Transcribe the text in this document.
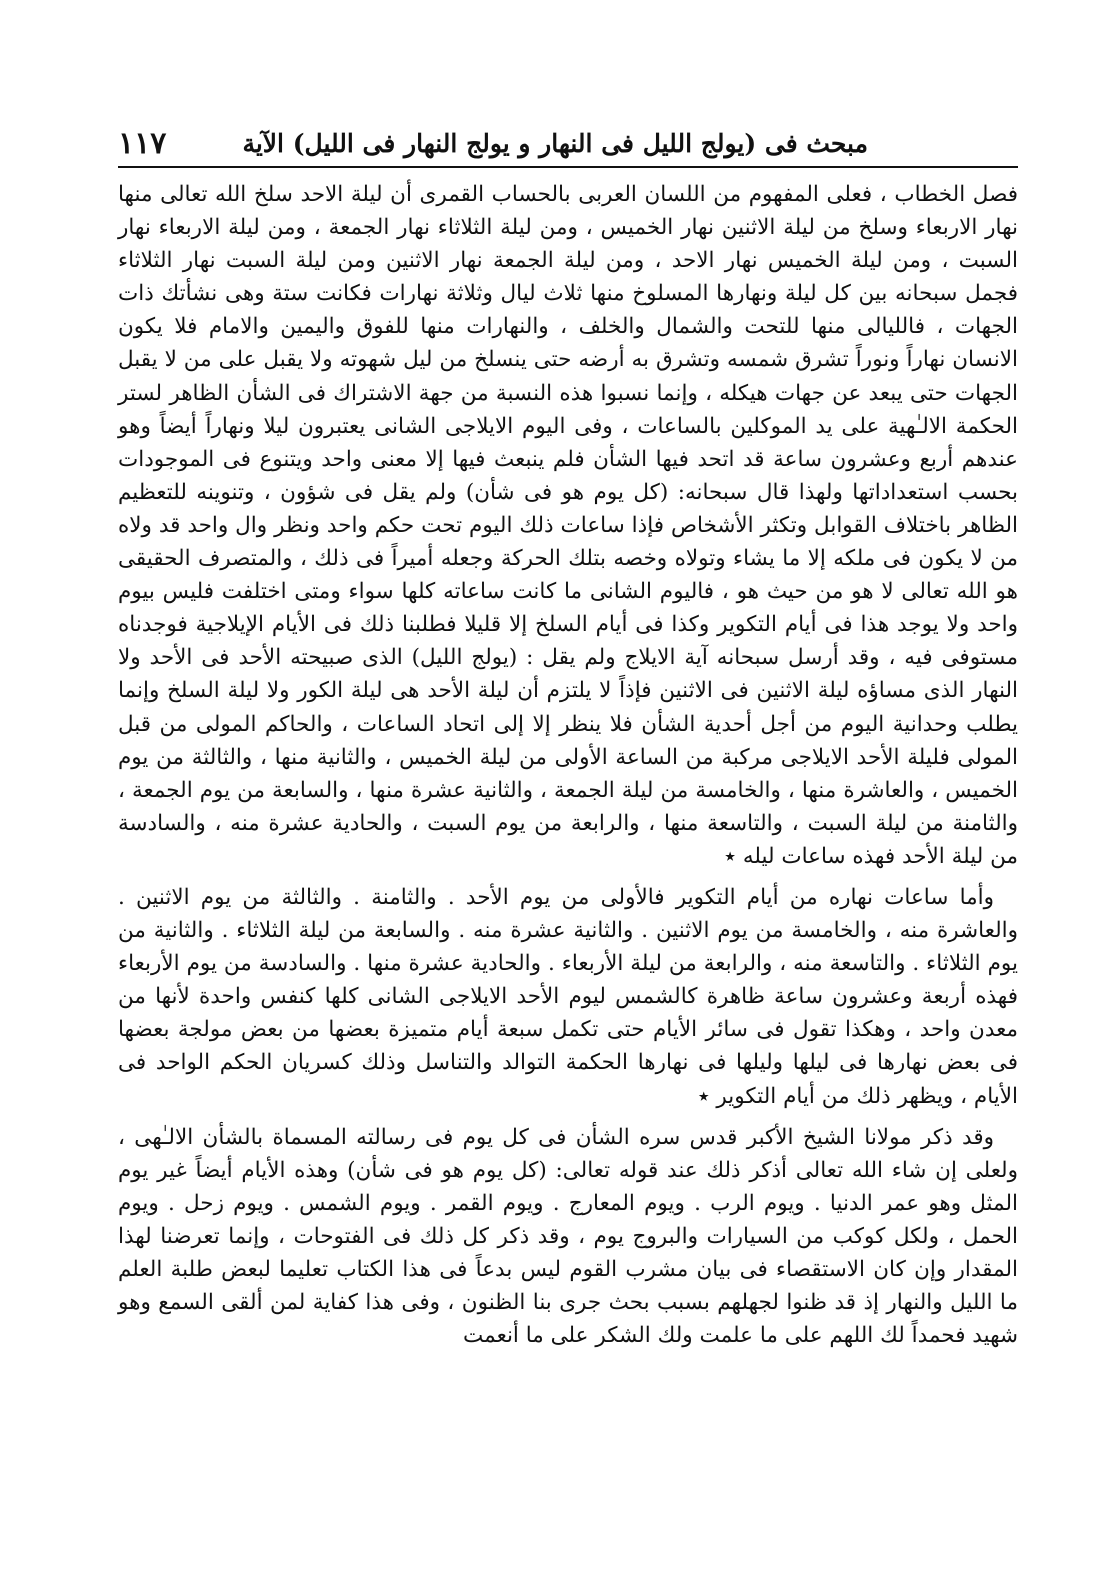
مبحث فى (يولج الليل فى النهار و يولج النهار فى الليل) الآية
١١٧

فصل الخطاب ، فعلى المفهوم من اللسان العربى بالحساب القمرى أن ليلة الاحد سلخ الله تعالى منها نهار الاربعاء وسلخ من ليلة الاثنين نهار الخميس ، ومن ليلة الثلاثاء نهار الجمعة ، ومن ليلة الاربعاء نهار السبت ، ومن ليلة الخميس نهار الاحد ، ومن ليلة الجمعة نهار الاثنين ومن ليلة السبت نهار الثلاثاء فجمل سبحانه بين كل ليلة ونهارها المسلوخ منها ثلاث ليال وثلاثة نهارات فكانت ستة وهى نشأتك ذات الجهات ، فالليالى منها للتحت والشمال والخلف ، والنهارات منها للفوق واليمين والامام فلا يكون الانسان نهاراً ونوراً تشرق شمسه وتشرق به أرضه حتى ينسلخ من ليل شهوته ولا يقبل على من لا يقبل الجهات حتى يبعد عن جهات هيكله ، وإنما نسبوا هذه النسبة من جهة الاشتراك فى الشأن الظاهر لستر الحكمة الالـٰهية على يد الموكلين بالساعات ، وفى اليوم الايلاجى الشانى يعتبرون ليلا ونهاراً أيضاً وهو عندهم أربع وعشرون ساعة قد اتحد فيها الشأن فلم ينبعث فيها إلا معنى واحد ويتنوع فى الموجودات بحسب استعداداتها ولهذا قال سبحانه: (كل يوم هو فى شأن) ولم يقل فى شؤون ، وتنوينه للتعظيم الظاهر باختلاف القوابل وتكثر الأشخاص فإذا ساعات ذلك اليوم تحت حكم واحد ونظر وال واحد قد ولاه من لا يكون فى ملكه إلا ما يشاء وتولاه وخصه بتلك الحركة وجعله أميراً فى ذلك ، والمتصرف الحقيقى هو الله تعالى لا هو من حيث هو ، فاليوم الشانى ما كانت ساعاته كلها سواء ومتى اختلفت فليس بيوم واحد ولا يوجد هذا فى أيام التكوير وكذا فى أيام السلخ إلا قليلا فطلبنا ذلك فى الأيام الإيلاجية فوجدناه مستوفى فيه ، وقد أرسل سبحانه آية الايلاج ولم يقل : (يولج الليل) الذى صبيحته الأحد فى الأحد ولا النهار الذى مساؤه ليلة الاثنين فى الاثنين فإذاً لا يلتزم أن ليلة الأحد هى ليلة الكور ولا ليلة السلخ وإنما يطلب وحدانية اليوم من أجل أحدية الشأن فلا ينظر إلا إلى اتحاد الساعات ، والحاكم المولى من قبل المولى فليلة الأحد الايلاجى مركبة من الساعة الأولى من ليلة الخميس ، والثانية منها ، والثالثة من يوم الخميس ، والعاشرة منها ، والخامسة من ليلة الجمعة ، والثانية عشرة منها ، والسابعة من يوم الجمعة ، والثامنة من ليلة السبت ، والتاسعة منها ، والرابعة من يوم السبت ، والحادية عشرة منه ، والسادسة من ليلة الأحد فهذه ساعات ليله ٭

وأما ساعات نهاره من أيام التكوير فالأولى من يوم الأحد . والثامنة . والثالثة من يوم الاثنين . والعاشرة منه ، والخامسة من يوم الاثنين . والثانية عشرة منه . والسابعة من ليلة الثلاثاء . والثانية من يوم الثلاثاء . والتاسعة منه ، والرابعة من ليلة الأربعاء . والحادية عشرة منها . والسادسة من يوم الأربعاء فهذه أربعة وعشرون ساعة ظاهرة كالشمس ليوم الأحد الايلاجى الشانى كلها كنفس واحدة لأنها من معدن واحد ، وهكذا تقول فى سائر الأيام حتى تكمل سبعة أيام متميزة بعضها من بعض مولجة بعضها فى بعض نهارها فى ليلها وليلها فى نهارها الحكمة التوالد والتناسل وذلك كسريان الحكم الواحد فى الأيام ، ويظهر ذلك من أيام التكوير ٭

وقد ذكر مولانا الشيخ الأكبر قدس سره الشأن فى كل يوم فى رسالته المسماة بالشأن الالـٰهى ، ولعلى إن شاء الله تعالى أذكر ذلك عند قوله تعالى: (كل يوم هو فى شأن) وهذه الأيام أيضاً غير يوم المثل وهو عمر الدنيا . ويوم الرب . ويوم المعارج . ويوم القمر . ويوم الشمس . ويوم زحل . ويوم الحمل ، ولكل كوكب من السيارات والبروج يوم ، وقد ذكر كل ذلك فى الفتوحات ، وإنما تعرضنا لهذا المقدار وإن كان الاستقصاء فى بيان مشرب القوم ليس بدعاً فى هذا الكتاب تعليما لبعض طلبة العلم ما الليل والنهار إذ قد ظنوا لجهلهم بسبب بحث جرى بنا الظنون ، وفى هذا كفاية لمن ألقى السمع وهو شهيد فحمداً لك اللهم على ما علمت ولك الشكر على ما أنعمت
